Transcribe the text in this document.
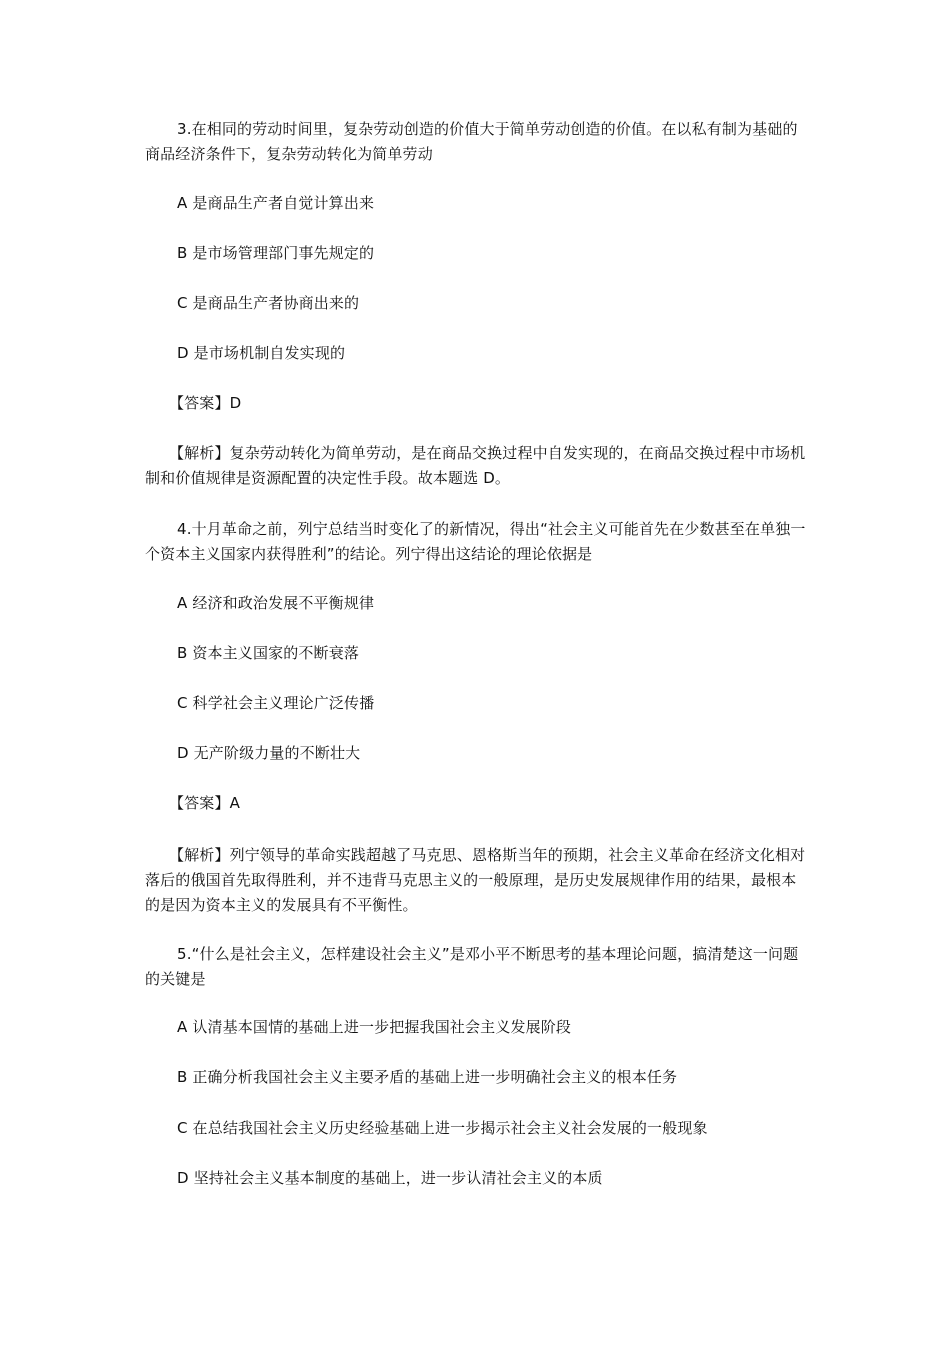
3.在相同的劳动时间里，复杂劳动创造的价值大于简单劳动创造的价值。在以私有制为基础的商品经济条件下，复杂劳动转化为简单劳动

A 是商品生产者自觉计算出来

B 是市场管理部门事先规定的

C 是商品生产者协商出来的

D 是市场机制自发实现的

【答案】D

【解析】复杂劳动转化为简单劳动，是在商品交换过程中自发实现的，在商品交换过程中市场机制和价值规律是资源配置的决定性手段。故本题选 D。

4.十月革命之前，列宁总结当时变化了的新情况，得出“社会主义可能首先在少数甚至在单独一个资本主义国家内获得胜利”的结论。列宁得出这结论的理论依据是

A 经济和政治发展不平衡规律

B 资本主义国家的不断衰落

C 科学社会主义理论广泛传播

D 无产阶级力量的不断壮大

【答案】A

【解析】列宁领导的革命实践超越了马克思、恩格斯当年的预期，社会主义革命在经济文化相对落后的俄国首先取得胜利，并不违背马克思主义的一般原理，是历史发展规律作用的结果，最根本的是因为资本主义的发展具有不平衡性。

5.“什么是社会主义，怎样建设社会主义”是邓小平不断思考的基本理论问题，搞清楚这一问题的关键是

A 认清基本国情的基础上进一步把握我国社会主义发展阶段

B 正确分析我国社会主义主要矛盾的基础上进一步明确社会主义的根本任务

C 在总结我国社会主义历史经验基础上进一步揭示社会主义社会发展的一般现象

D 坚持社会主义基本制度的基础上，进一步认清社会主义的本质
